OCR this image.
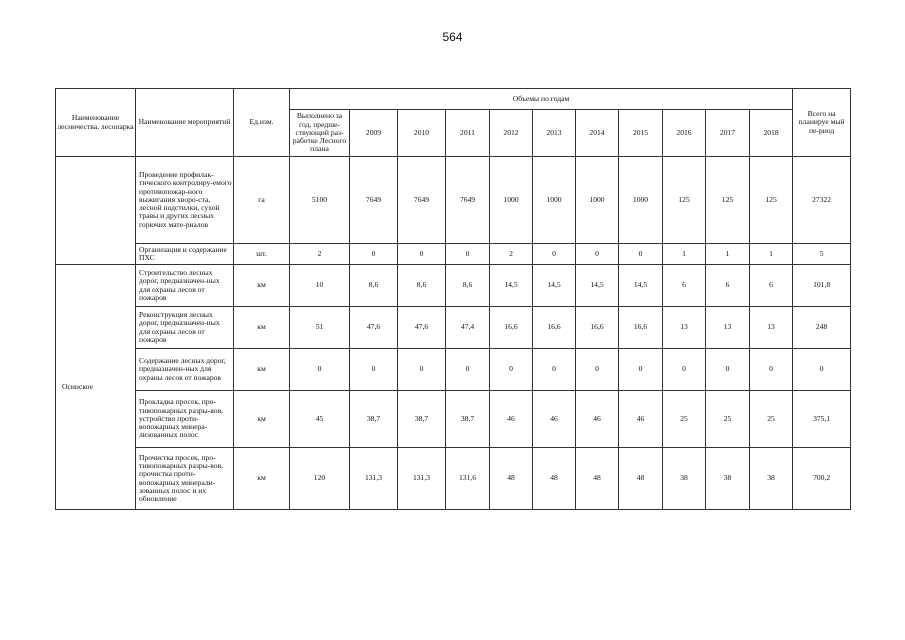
564
Наименование лесничества, лесопарка	Наименование мероприятий	Ед.изм.	Объемы по годам											Всего на планируе мый пе-риод
			Выполнено за год, предше-ствующий раз-работке Лесного плана	2009	2010	2011	2012	2013	2014	2015	2016	2017	2018	
	Проведение профилак-тического контролиру-емого противопожар-ного выжигания хворо-ста, лесной подстилки, сухой травы и других лесных горючих мате-риалов	га	5100	7649	7649	7649	1000	1000	1000	1000	125	125	125	27322
	Организация и содержание ПХС	шт.	2	0	0	0	2	0	0	0	1	1	1	5
Осинское	Строительство лесных дорог, предназначен-ных для охраны лесов от пожаров	км	10	8,6	8,6	8,6	14,5	14,5	14,5	14,5	6	6	6	101,8
	Реконструкция лесных дорог, предназначен-ных для охраны лесов от пожаров	км	51	47,6	47,6	47,4	16,6	16,6	16,6	16,6	13	13	13	248
	Содержание лесных дорог, предназначен-ных для охраны лесов от пожаров	км	0	0	0	0	0	0	0	0	0	0	0	0
	Прокладка просек, про-тивопожарных разры-вов, устройство проти-вопожарных минера-лизованных полос	км	45	38,7	38,7	38,7	46	46	46	46	25	25	25	375,1
	Прочистка просек, про-тивопожарных разры-вов, прочистка проти-вопожарных минерали-зованных полос и их обновление	км	120	131,3	131,3	131,6	48	48	48	48	38	38	38	700,2
